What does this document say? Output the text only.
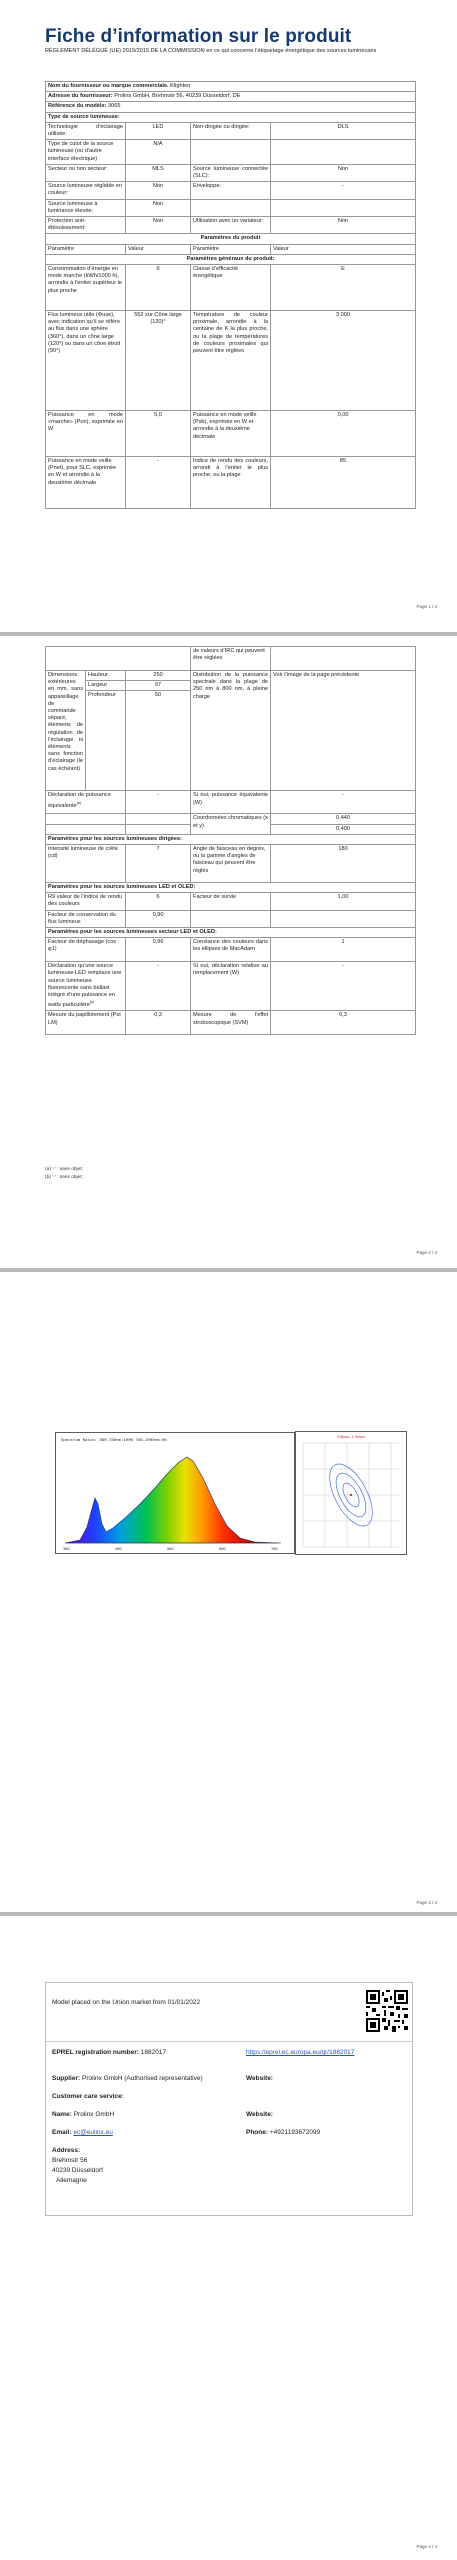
Fiche d’information sur le produit
RÈGLEMENT DÉLÉGUÉ (UE) 2019/2015 DE LA COMMISSION en ce qui concerne l’étiquetage énergétique des sources lumineuses
Nom du fournisseur ou marque commerciale. Klighten			
Adresse du fournisseur: Prolinx GmbH, Brehmstr 56, 40239 Düsseldorf, DE			
Référence du modèle: 3065			
Type de source lumineuse:			
Technologie d’éclairage utilisée:	LED	Non-dirigée ou dirigée:	DLS
Type de culot de la source lumineuse (ou d’autre interface électrique)	N/A		
Secteur ou non secteur:	MLS	Source lumineuse connectée (SLC):	Non
Source lumineuse réglable en couleur:	Non	Enveloppe:	-
Source lumineuse à luminance élevée:	Non		
Protection anti-éblouissement:	Non	Utilisation avec un variateur:	Non
Paramètres du produit			
Paramètre	Valeur	Paramètre	Valeur
Paramètres généraux du produit:			
Consommation d’énergie en mode marche (kWh/1000 h), arrondie à l’entier supérieur le plus proche	6	Classe d’efficacité énergétique	E
Flux lumineux utile (Φuse), avec indication qu’il se réfère au flux dans une sphère (360°), dans un cône large (120°) ou dans un cône étroit (90°)	552 sur Cône large (120)°	Température de couleur proximale, arrondie à la centaine de K la plus proche, ou la plage de températures de couleurs proximales qui peuvent être réglées	3 000
Puissance en mode «marche» (Pon), exprimée en W	5,0	Puissance en mode veille (Psb), exprimée en W et arrondie à la deuxième décimale	0,00
Puissance en mode veille (Pnet), pour SLC, exprimée en W et arrondie à la deuxième décimale	-	Indice de rendu des couleurs, arrondi à l’entier le plus proche, ou la plage	85
Page 1 / 4
			de valeurs d’IRC qui peuvent être réglées	
Dimensions extérieures en mm, sans appareillage de commande séparé, éléments de régulation de l’éclairage ni éléments sans fonction d’éclairage (le cas échéant)	Hauteur	250	Distribution de la puissance spectrale dans la plage de 250 nm à 800 nm, à pleine charge	Voir l’image de la page précédente
	Largeur	97		
	Profondeur	50		
Déclaration de puissance équivalente$^{(a)}$		-	Si oui, puissance équivalente (W)	-
			Coordonnées chromatiques (x et y)	0,440
				0,400
Paramètres pour les sources lumineuses dirigées:				
Intensité lumineuse de crête (cd)		7	Angle de faisceau en degrés, ou la gamme d’angles de faisceau qui peuvent être réglés	180
Paramètres pour les sources lumineuses LED et OLED:				
R9 valeur de l’indice de rendu des couleurs		6	Facteur de survie	1,00
Facteur de conservation du flux lumineux		0,90		
Paramètres pour les sources lumineuses secteur LED et OLED:				
Facteur de déphasage (cos φ1)		0,96	Constance des couleurs dans les ellipses de MacAdam	1
Déclaration qu’une source lumineuse LED remplace une source lumineuse fluorescente sans ballast intégré d’une puissance en watts particulière$^{(b)}$		-	Si oui, déclaration relative au remplacement (W)	-
Mesure du papillotement (Pst LM)		0,3	Mesure de l’effet stroboscopique (SVM)	0,3
(a) ‘-’ : sans objet;
(b) ‘-’ : sans objet;
Page 2 / 4
Spectrum Ratio: 380-780nm:100% 780-1000nm:0%
380	480	580	680	780
Ellipse: 1 Steps
Page 3 / 4
Model placed on the Union market from 01/01/2022
EPREL registration number: 1882017	https://eprel.ec.europa.eu/qr/1882017
Supplier: Prolinx GmbH (Authorised representative)	Website:
Customer care service:
Name: Prolinx GmbH	Website:
Email: ec@eulinx.eu	Phone: +4921193672099
Address:
Brehmstr 56
40239 Düsseldorf
Allemagne
Page 4 / 4
